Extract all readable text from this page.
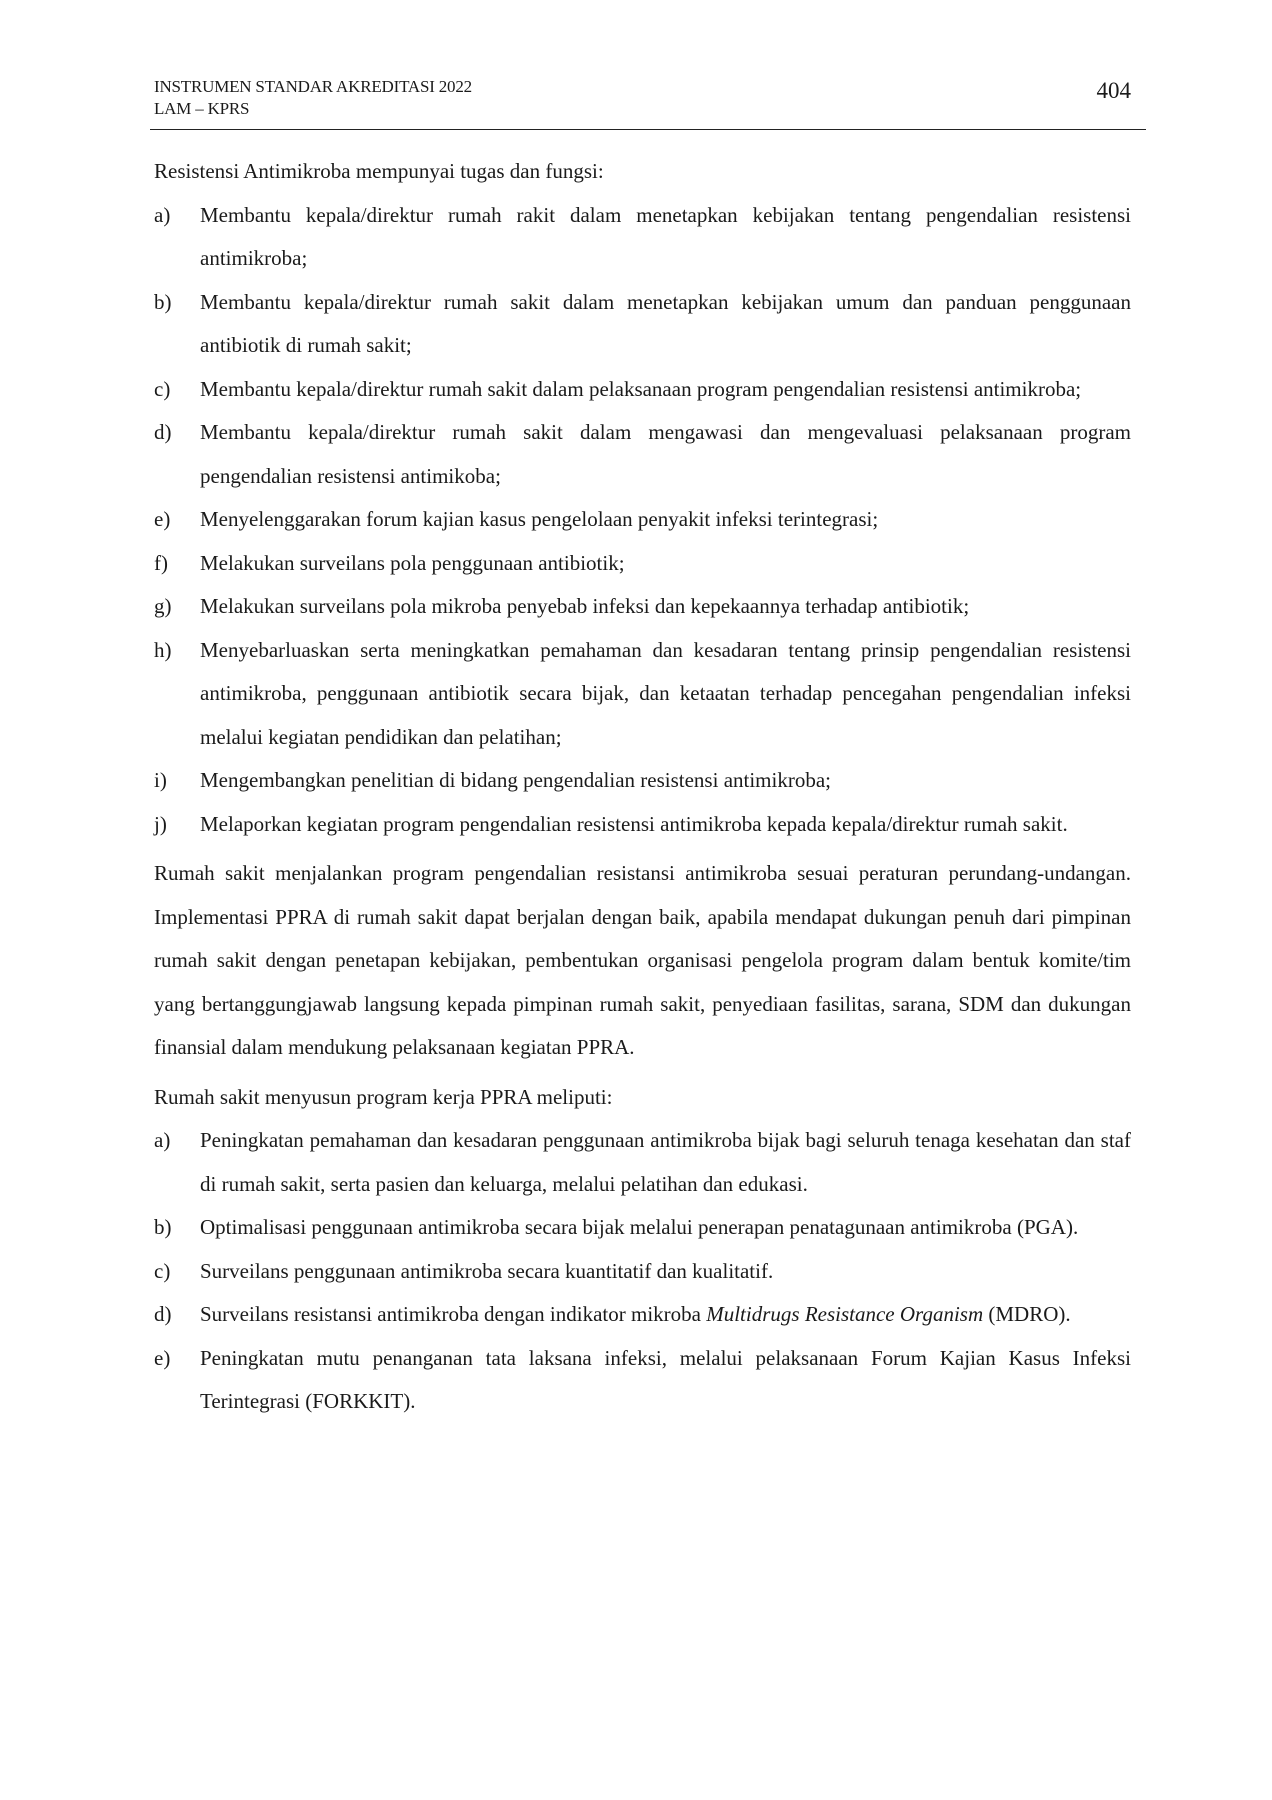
INSTRUMEN STANDAR AKREDITASI 2022
LAM – KPRS
404

Resistensi Antimikroba mempunyai tugas dan fungsi:

a) Membantu kepala/direktur rumah rakit dalam menetapkan kebijakan tentang pengendalian resistensi antimikroba;
b) Membantu kepala/direktur rumah sakit dalam menetapkan kebijakan umum dan panduan penggunaan antibiotik di rumah sakit;
c) Membantu kepala/direktur rumah sakit dalam pelaksanaan program pengendalian resistensi antimikroba;
d) Membantu kepala/direktur rumah sakit dalam mengawasi dan mengevaluasi pelaksanaan program pengendalian resistensi antimikoba;
e) Menyelenggarakan forum kajian kasus pengelolaan penyakit infeksi terintegrasi;
f) Melakukan surveilans pola penggunaan antibiotik;
g) Melakukan surveilans pola mikroba penyebab infeksi dan kepekaannya terhadap antibiotik;
h) Menyebarluaskan serta meningkatkan pemahaman dan kesadaran tentang prinsip pengendalian resistensi antimikroba, penggunaan antibiotik secara bijak, dan ketaatan terhadap pencegahan pengendalian infeksi melalui kegiatan pendidikan dan pelatihan;
i) Mengembangkan penelitian di bidang pengendalian resistensi antimikroba;
j) Melaporkan kegiatan program pengendalian resistensi antimikroba kepada kepala/direktur rumah sakit.

Rumah sakit menjalankan program pengendalian resistansi antimikroba sesuai peraturan perundang-undangan. Implementasi PPRA di rumah sakit dapat berjalan dengan baik, apabila mendapat dukungan penuh dari pimpinan rumah sakit dengan penetapan kebijakan, pembentukan organisasi pengelola program dalam bentuk komite/tim yang bertanggungjawab langsung kepada pimpinan rumah sakit, penyediaan fasilitas, sarana, SDM dan dukungan finansial dalam mendukung pelaksanaan kegiatan PPRA.

Rumah sakit menyusun program kerja PPRA meliputi:

a) Peningkatan pemahaman dan kesadaran penggunaan antimikroba bijak bagi seluruh tenaga kesehatan dan staf di rumah sakit, serta pasien dan keluarga, melalui pelatihan dan edukasi.
b) Optimalisasi penggunaan antimikroba secara bijak melalui penerapan penatagunaan antimikroba (PGA).
c) Surveilans penggunaan antimikroba secara kuantitatif dan kualitatif.
d) Surveilans resistansi antimikroba dengan indikator mikroba Multidrugs Resistance Organism (MDRO).
e) Peningkatan mutu penanganan tata laksana infeksi, melalui pelaksanaan Forum Kajian Kasus Infeksi Terintegrasi (FORKKIT).
